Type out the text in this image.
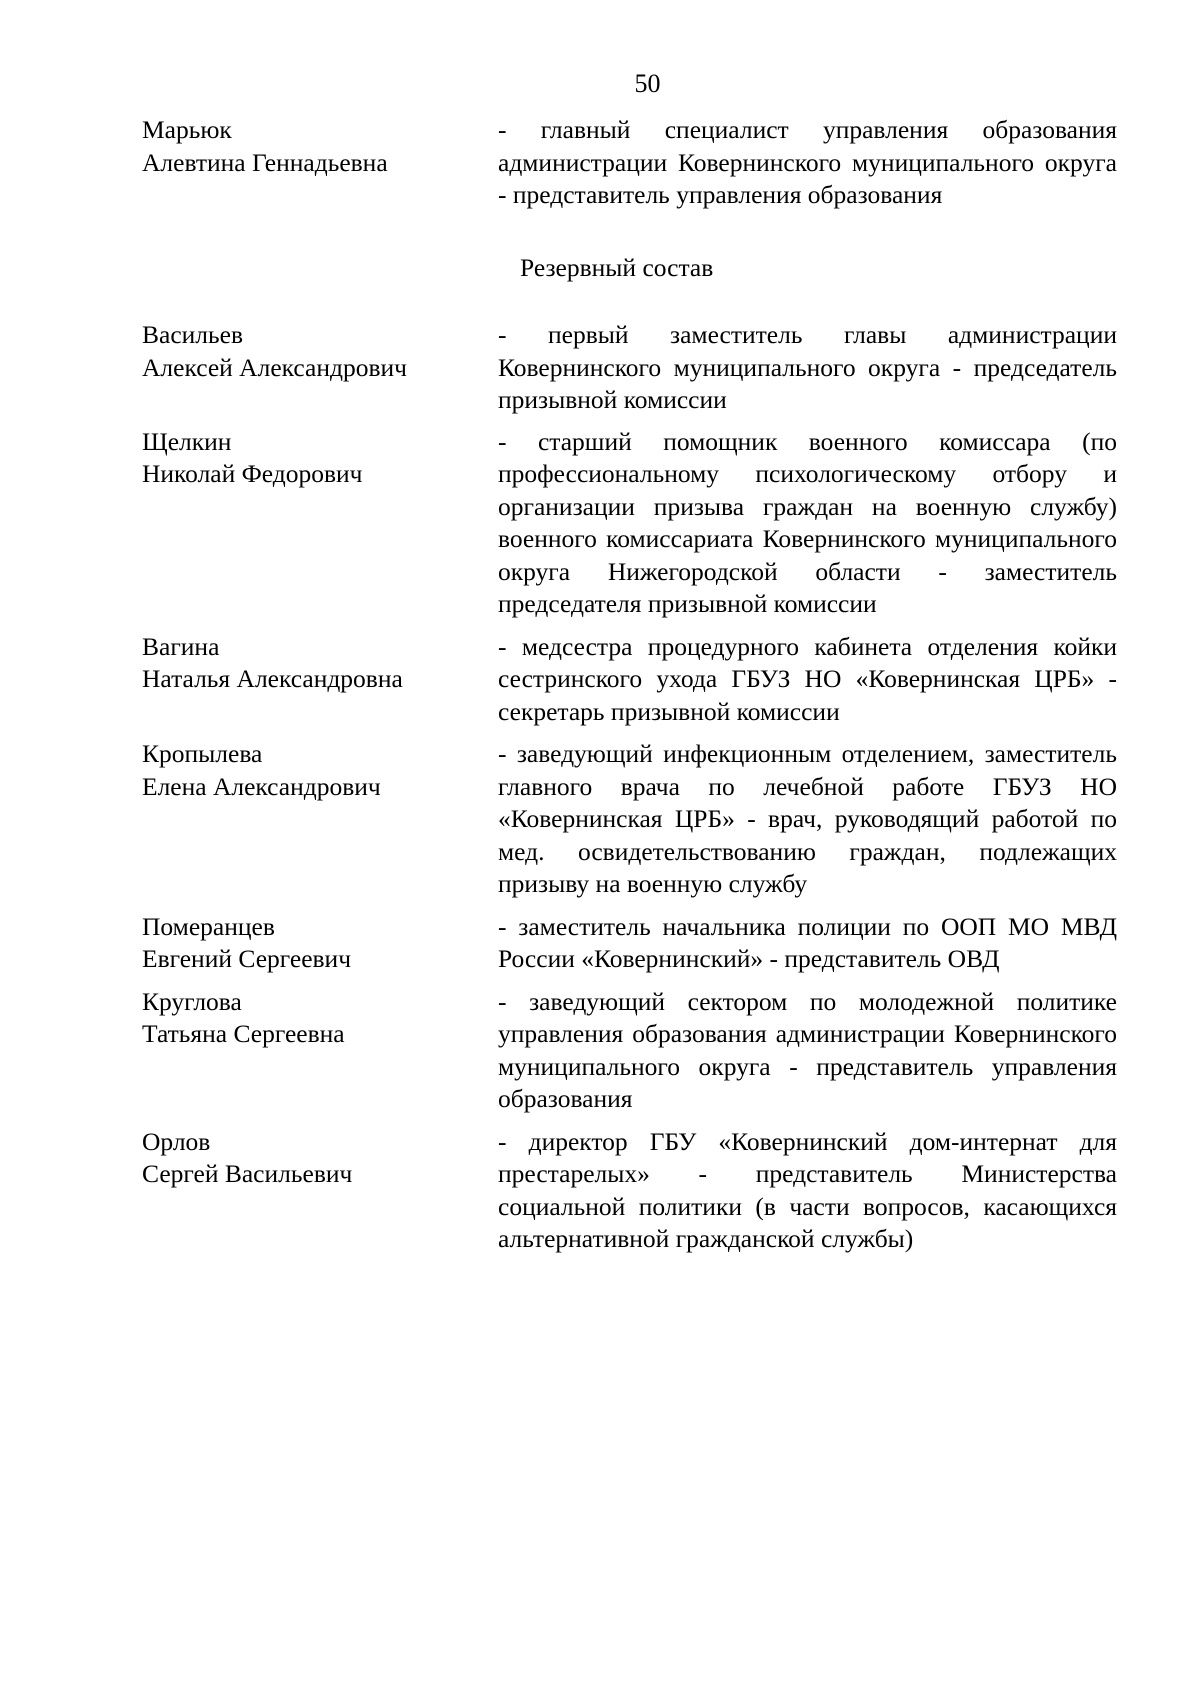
50
Марьюк
Алевтина Геннадьевна
- главный специалист управления образования администрации Ковернинского муниципального округа - представитель управления образования
Резервный состав
Васильев
Алексей Александрович
- первый заместитель главы администрации Ковернинского муниципального округа - председатель призывной комиссии
Щелкин
Николай Федорович
- старший помощник военного комиссара (по профессиональному психологическому отбору и организации призыва граждан на военную службу) военного комиссариата Ковернинского муниципального округа Нижегородской области - заместитель председателя призывной комиссии
Вагина
Наталья Александровна
- медсестра процедурного кабинета отделения койки сестринского ухода ГБУЗ НО «Ковернинская ЦРБ» - секретарь призывной комиссии
Кропылева
Елена Александрович
- заведующий инфекционным отделением, заместитель главного врача по лечебной работе ГБУЗ НО «Ковернинская ЦРБ» - врач, руководящий работой по мед. освидетельствованию граждан, подлежащих призыву на военную службу
Померанцев
Евгений Сергеевич
- заместитель начальника полиции по ООП МО МВД России «Ковернинский» - представитель ОВД
Круглова
Татьяна Сергеевна
- заведующий сектором по молодежной политике управления образования администрации Ковернинского муниципального округа - представитель управления образования
Орлов
Сергей Васильевич
- директор ГБУ «Ковернинский дом-интернат для престарелых» - представитель Министерства социальной политики (в части вопросов, касающихся альтернативной гражданской службы)
